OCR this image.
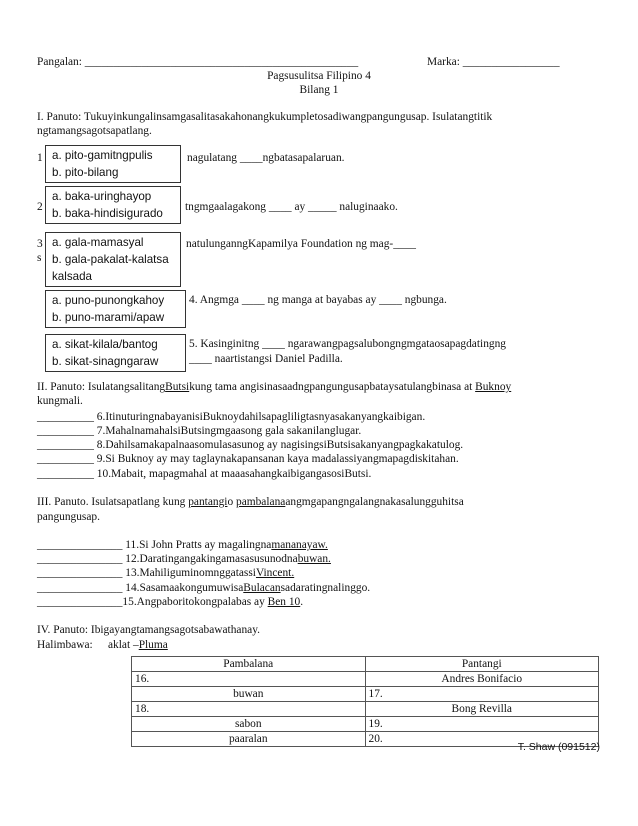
Pangalan: ________________________________________________	Marka: _________________
Pagsusulitsa Filipino 4
Bilang 1
I. Panuto: Tukuyinkungalinsamgasalitasakahonangkukumpletosadiwangpangungusap. Isulatangtitik
ngtamangsagotsapatlang.
1	nagulatang ____ngbatasapalaruan.
2	tngmgaalagakong ____ ay _____ naluginaako.
3
s
natulunganngKapamilya Foundation ng mag-____
4. Angmga ____ ng manga at bayabas ay ____ ngbunga.
5. Kasinginitng ____ ngarawangpagsalubongngmgataosapagdatingng
____ naartistangsi Daniel Padilla.
a. pito-gamitngpulis
b. pito-bilang
a. baka-uringhayop
b. baka-hindisigurado
a. gala-mamasyal
b. gala-pakalat-kalatsa
kalsada
a. puno-punongkahoy
b. puno-marami/apaw
a. sikat-kilala/bantog
b. sikat-sinagngaraw
II. Panuto: IsulatangsalitangButsikung tama angisinasaadngpangungusapbataysatulangbinasa at Buknoy
kungmali.
__________ 6.ItinuturingnabayanisiBuknoydahilsapagliligtasnyasakanyangkaibigan.
__________ 7.MahalnamahalsiButsingmgaasong gala sakanilanglugar.
__________ 8.Dahilsamakapalnaasomulasasunog ay nagisingsiButsisakanyangpagkakatulog.
__________ 9.Si Buknoy ay may taglaynakapansanan kaya madalassiyangmapagdiskitahan.
__________ 10.Mabait, mapagmahal at maaasahangkaibigangasosiButsi.
III. Panuto. Isulatsapatlang kung pantangio pambalanaangmgapangngalangnakasalungguhitsa
pangungusap.
_______________ 11.Si John Pratts ay magalingnamananayaw.
_______________ 12.Daratingangakingamasasusunodnabuwan.
_______________ 13.MahiliguminomnggatassiVincent.
_______________ 14.SasamaakongumuwisaBulacansadaratingnalinggo.
_______________15.Angpaboritokongpalabas ay Ben 10.
IV. Panuto: Ibigayangtamangsagotsabawathanay.
Halimbawa: aklat –Pluma
Pambalana	Pantangi
16.	Andres Bonifacio
buwan	17.
18.	Bong Revilla
sabon	19.
paaralan	20.
T. Shaw (091512)
